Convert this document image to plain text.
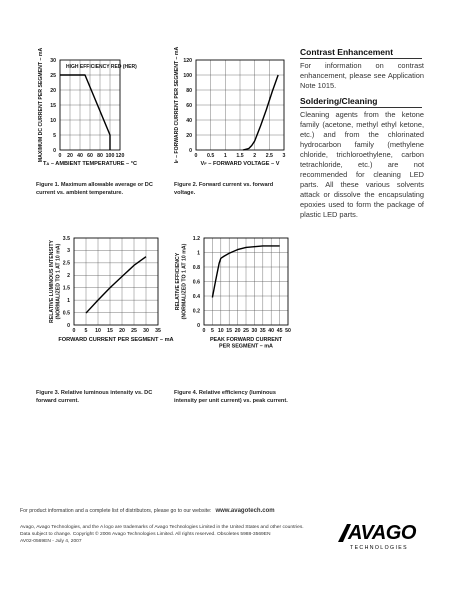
0 20 40 60 80 100 120
0
5
10
15
20
25
30
MAXIMUM DC CURRENT PER SEGMENT – mA
TA – AMBIENT TEMPERATURE – °C
HIGH EFFICIENCY RED (HER)
Figure 1. Maximum allowable average or DC current vs. ambient temperature.
0 0.5 1 1.5 2 2.5 3
0
20
40
60
80
100
120
IF – FORWARD CURRENT PER SEGMENT – mA
VF – FORWARD VOLTAGE – V
Figure 2. Forward current vs. forward voltage.
0 5 10 15 20 25 30 35
0
0.5
1
1.5
2
2.5
3
3.5
RELATIVE LUMINOUS INTENSITY(NORMALIZED TO 1 AT 10 mA)
FORWARD CURRENT PER SEGMENT – mA
Figure 3. Relative luminous intensity vs. DC forward current.
0 5 10 15 20 25 30 35 40 45 50
0
0.2
0.4
0.6
0.8
1
1.2
RELATIVE EFFICIENCY(NORMALIZED TO 1 AT 10 mA)
PEAK FORWARD CURRENT
PER SEGMENT – mA
Figure 4. Relative efficiency (luminous intensity per unit current) vs. peak current.
Contrast Enhancement
For information on contrast enhancement, please see Application Note 1015.
Soldering/Cleaning
Cleaning agents from the ketone family (acetone, methyl ethyl ketone, etc.) and from the chlorinated hydrocarbon family (methylene chloride, trichloroethylene, carbon tetrachloride, etc.) are not recommended for cleaning LED parts. All these various solvents attack or dissolve the encapsulating epoxies used to form the package of plastic LED parts.
For product information and a complete list of distributors, please go to our website: www.avagotech.com
Avago, Avago Technologies, and the A logo are trademarks of Avago Technologies Limited in the United States and other countries.
Data subject to change. Copyright © 2006 Avago Technologies Limited. All rights reserved. Obsoletes 5988-3569EN
AV02-0569EN - July 4, 2007	AVAGO
TECHNOLOGIES
